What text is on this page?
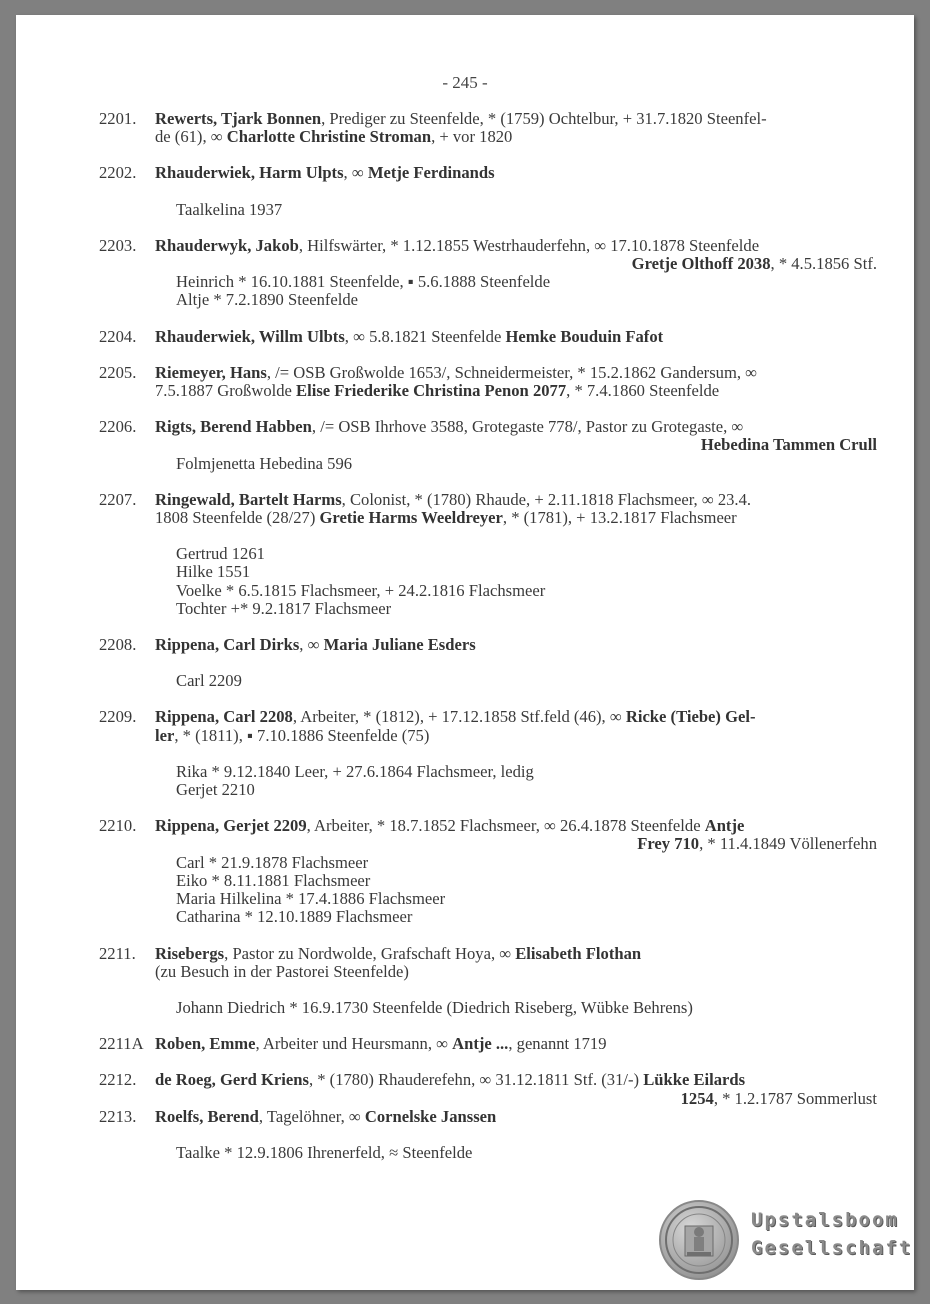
- 245 -
2201. Rewerts, Tjark Bonnen, Prediger zu Steenfelde, * (1759) Ochtelbur, + 31.7.1820 Steenfel-
de (61), ∞ Charlotte Christine Stroman, + vor 1820
2202. Rhauderwiek, Harm Ulpts, ∞ Metje Ferdinands
Taalkelina 1937
2203. Rhauderwyk, Jakob, Hilfswärter, * 1.12.1855 Westrhauderfehn, ∞ 17.10.1878 Steenfelde
Gretje Olthoff 2038, * 4.5.1856 Stf.
Heinrich * 16.10.1881 Steenfelde, ▪ 5.6.1888 Steenfelde
Altje * 7.2.1890 Steenfelde
2204. Rhauderwiek, Willm Ulbts, ∞ 5.8.1821 Steenfelde Hemke Bouduin Fafot
2205. Riemeyer, Hans, /= OSB Großwolde 1653/, Schneidermeister, * 15.2.1862 Gandersum, ∞
7.5.1887 Großwolde Elise Friederike Christina Penon 2077, * 7.4.1860 Steenfelde
2206. Rigts, Berend Habben, /= OSB Ihrhove 3588, Grotegaste 778/, Pastor zu Grotegaste, ∞
Hebedina Tammen Crull
Folmjenetta Hebedina 596
2207. Ringewald, Bartelt Harms, Colonist, * (1780) Rhaude, + 2.11.1818 Flachsmeer, ∞ 23.4.
1808 Steenfelde (28/27) Gretie Harms Weeldreyer, * (1781), + 13.2.1817 Flachsmeer
Gertrud 1261
Hilke 1551
Voelke * 6.5.1815 Flachsmeer, + 24.2.1816 Flachsmeer
Tochter +* 9.2.1817 Flachsmeer
2208. Rippena, Carl Dirks, ∞ Maria Juliane Esders
Carl 2209
2209. Rippena, Carl 2208, Arbeiter, * (1812), + 17.12.1858 Stf.feld (46), ∞ Ricke (Tiebe) Gel-
ler, * (1811), ▪ 7.10.1886 Steenfelde (75)
Rika * 9.12.1840 Leer, + 27.6.1864 Flachsmeer, ledig
Gerjet 2210
2210. Rippena, Gerjet 2209, Arbeiter, * 18.7.1852 Flachsmeer, ∞ 26.4.1878 Steenfelde Antje
Frey 710, * 11.4.1849 Völlenerfehn
Carl * 21.9.1878 Flachsmeer
Eiko * 8.11.1881 Flachsmeer
Maria Hilkelina * 17.4.1886 Flachsmeer
Catharina * 12.10.1889 Flachsmeer
2211. Risebergs, Pastor zu Nordwolde, Grafschaft Hoya, ∞ Elisabeth Flothan
(zu Besuch in der Pastorei Steenfelde)
Johann Diedrich * 16.9.1730 Steenfelde (Diedrich Riseberg, Wübke Behrens)
2211A Roben, Emme, Arbeiter und Heursmann, ∞ Antje ..., genannt 1719
2212. de Roeg, Gerd Kriens, * (1780) Rhauderefehn, ∞ 31.12.1811 Stf. (31/-) Lükke Eilards
1254, * 1.2.1787 Sommerlust
2213. Roelfs, Berend, Tagelöhner, ∞ Cornelske Janssen
Taalke * 12.9.1806 Ihrenerfeld, ≈ Steenfelde
Upstalsboom
Gesellschaft
